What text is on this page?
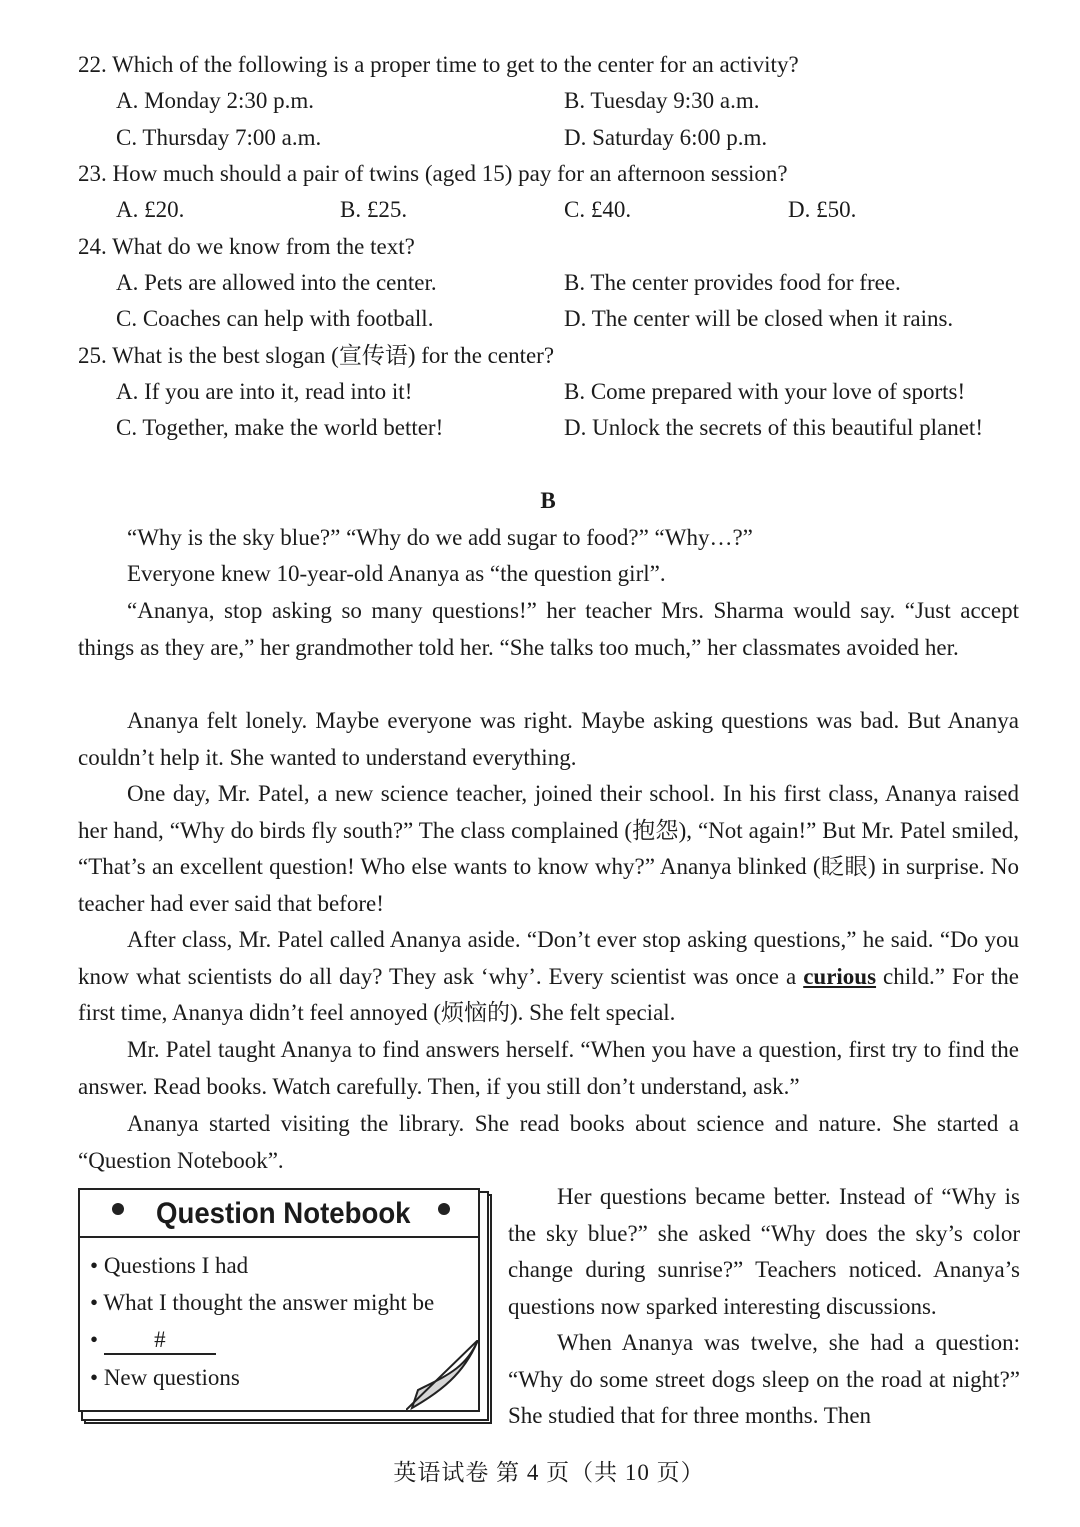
22. Which of the following is a proper time to get to the center for an activity?
A. Monday 2:30 p.m.	B. Tuesday 9:30 a.m.
C. Thursday 7:00 a.m.	D. Saturday 6:00 p.m.
23. How much should a pair of twins (aged 15) pay for an afternoon session?
A. £20.	B. £25.	C. £40.	D. £50.
24. What do we know from the text?
A. Pets are allowed into the center.	B. The center provides food for free.
C. Coaches can help with football.	D. The center will be closed when it rains.
25. What is the best slogan (宣传语) for the center?
A. If you are into it, read into it!	B. Come prepared with your love of sports!
C. Together, make the world better!	D. Unlock the secrets of this beautiful planet!
B

“Why is the sky blue?” “Why do we add sugar to food?” “Why…?”

Everyone knew 10-year-old Ananya as “the question girl”.

“Ananya, stop asking so many questions!” her teacher Mrs. Sharma would say. “Just accept things as they are,” her grandmother told her. “She talks too much,” her classmates avoided her.

Ananya felt lonely. Maybe everyone was right. Maybe asking questions was bad. But Ananya couldn’t help it. She wanted to understand everything.

One day, Mr. Patel, a new science teacher, joined their school. In his first class, Ananya raised her hand, “Why do birds fly south?” The class complained (抱怨), “Not again!” But Mr. Patel smiled, “That’s an excellent question! Who else wants to know why?” Ananya blinked (眨眼) in surprise. No teacher had ever said that before!

After class, Mr. Patel called Ananya aside. “Don’t ever stop asking questions,” he said. “Do you know what scientists do all day? They ask ‘why’. Every scientist was once a curious child.” For the first time, Ananya didn’t feel annoyed (烦恼的). She felt special.

Mr. Patel taught Ananya to find answers herself. “When you have a question, first try to find the answer. Read books. Watch carefully. Then, if you still don’t understand, ask.”

Ananya started visiting the library. She read books about science and nature. She started a “Question Notebook”.

Question Notebook
• Questions I had
• What I thought the answer might be
• #
• New questions

Her questions became better. Instead of “Why is the sky blue?” she asked “Why does the sky’s color change during sunrise?” Teachers noticed. Ananya’s questions now sparked interesting discussions.

When Ananya was twelve, she had a question: “Why do some street dogs sleep on the road at night?” She studied that for three months. Then

英语试卷 第 4 页（共 10 页）
